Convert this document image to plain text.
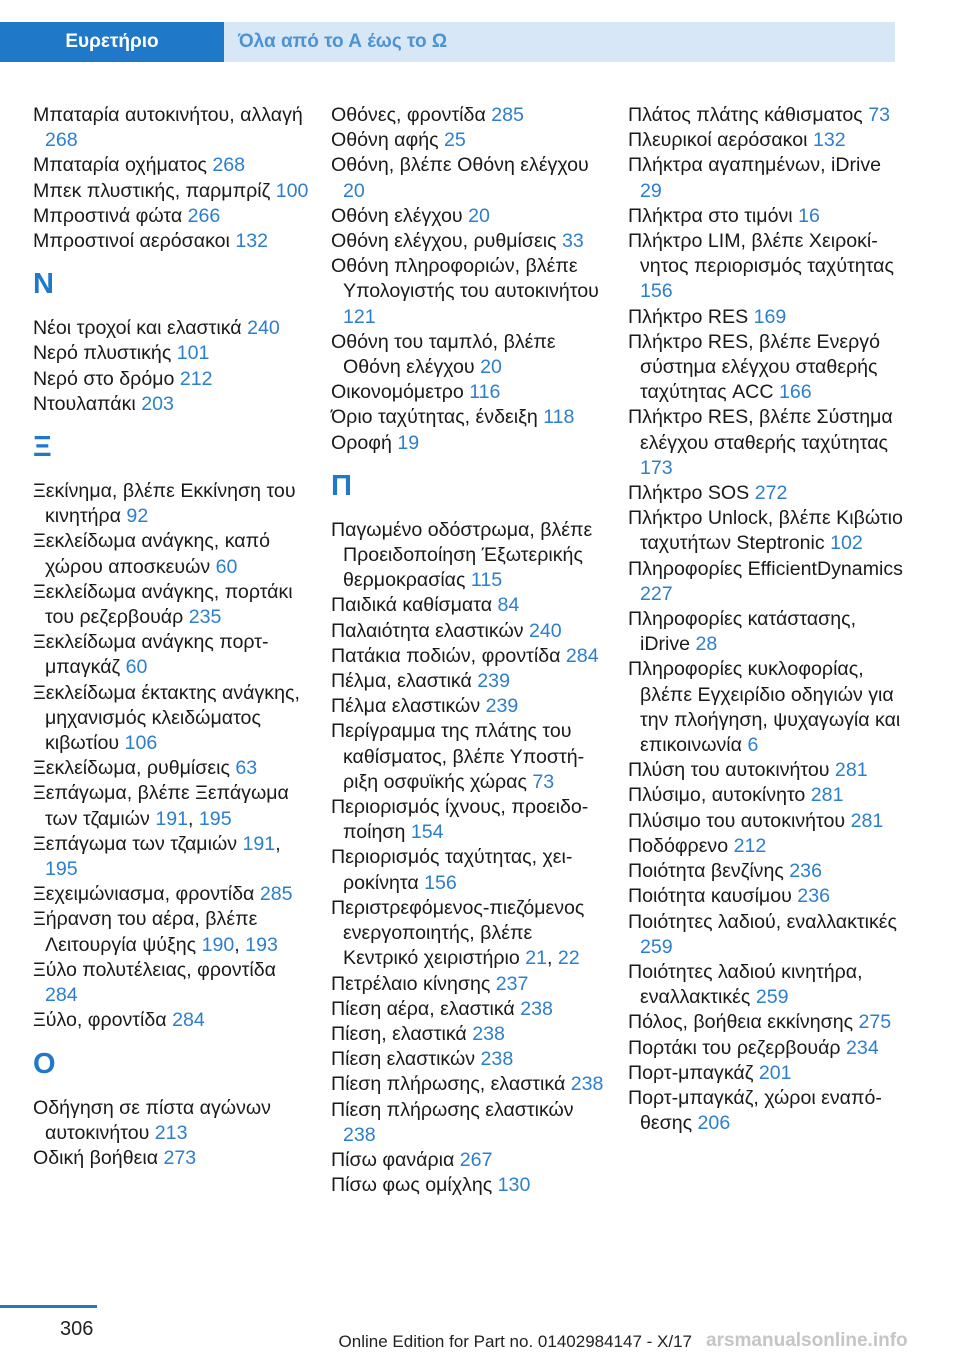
Ευρετήριο	Όλα από το Α έως το Ω
Μπαταρία αυτοκινήτου, αλλαγή 268
Μπαταρία οχήματος 268
Μπεκ πλυστικής, παρμπρίζ 100
Μπροστινά φώτα 266
Μπροστινοί αερόσακοι 132
Ν
Νέοι τροχοί και ελαστικά 240
Νερό πλυστικής 101
Νερό στο δρόμο 212
Ντουλαπάκι 203
Ξ
Ξεκίνημα, βλέπε Εκκίνηση του κινητήρα 92
Ξεκλείδωμα ανάγκης, καπό χώρου αποσκευών 60
Ξεκλείδωμα ανάγκης, πορτάκι του ρεζερβουάρ 235
Ξεκλείδωμα ανάγκης πορτμπαγκάζ 60
Ξεκλείδωμα έκτακτης ανάγκης, μηχανισμός κλειδώματος κιβωτίου 106
Ξεκλείδωμα, ρυθμίσεις 63
Ξεπάγωμα, βλέπε Ξεπάγωμα των τζαμιών 191, 195
Ξεπάγωμα των τζαμιών 191, 195
Ξεχειμώνιασμα, φροντίδα 285
Ξήρανση του αέρα, βλέπε Λειτουργία ψύξης 190, 193
Ξύλο πολυτέλειας, φροντίδα 284
Ξύλο, φροντίδα 284
Ο
Οδήγηση σε πίστα αγώνων αυτοκινήτου 213
Οδική βοήθεια 273
Οθόνες, φροντίδα 285
Οθόνη αφής 25
Οθόνη, βλέπε Οθόνη ελέγχου 20
Οθόνη ελέγχου 20
Οθόνη ελέγχου, ρυθμίσεις 33
Οθόνη πληροφοριών, βλέπε Υπολογιστής του αυτοκινήτου 121
Οθόνη του ταμπλό, βλέπε Οθόνη ελέγχου 20
Οικονομόμετρο 116
Όριο ταχύτητας, ένδειξη 118
Οροφή 19
Π
Παγωμένο οδόστρωμα, βλέπε Προειδοποίηση Έξωτερικής θερμοκρασίας 115
Παιδικά καθίσματα 84
Παλαιότητα ελαστικών 240
Πατάκια ποδιών, φροντίδα 284
Πέλμα, ελαστικά 239
Πέλμα ελαστικών 239
Περίγραμμα της πλάτης του καθίσματος, βλέπε Υποστήριξη οσφυϊκής χώρας 73
Περιορισμός ίχνους, προειδοποίηση 154
Περιορισμός ταχύτητας, χειροκίνητα 156
Περιστρεφόμενος-πιεζόμενος ενεργοποιητής, βλέπε Κεντρικό χειριστήριο 21, 22
Πετρέλαιο κίνησης 237
Πίεση αέρα, ελαστικά 238
Πίεση, ελαστικά 238
Πίεση ελαστικών 238
Πίεση πλήρωσης, ελαστικά 238
Πίεση πλήρωσης ελαστικών 238
Πίσω φανάρια 267
Πίσω φως ομίχλης 130
Πλάτος πλάτης κάθισματος 73
Πλευρικοί αερόσακοι 132
Πλήκτρα αγαπημένων, iDrive 29
Πλήκτρα στο τιμόνι 16
Πλήκτρο LIM, βλέπε Χειροκίνητος περιορισμός ταχύτητας 156
Πλήκτρο RES 169
Πλήκτρο RES, βλέπε Ενεργό σύστημα ελέγχου σταθερής ταχύτητας ACC 166
Πλήκτρο RES, βλέπε Σύστημα ελέγχου σταθερής ταχύτητας 173
Πλήκτρο SOS 272
Πλήκτρο Unlock, βλέπε Κιβώτιο ταχυτήτων Steptronic 102
Πληροφορίες EfficientDynamics 227
Πληροφορίες κατάστασης, iDrive 28
Πληροφορίες κυκλοφορίας, βλέπε Εγχειρίδιο οδηγιών για την πλοήγηση, ψυχαγωγία και επικοινωνία 6
Πλύση του αυτοκινήτου 281
Πλύσιμο, αυτοκίνητο 281
Πλύσιμο του αυτοκινήτου 281
Ποδόφρενο 212
Ποιότητα βενζίνης 236
Ποιότητα καυσίμου 236
Ποιότητες λαδιού, εναλλακτικές 259
Ποιότητες λαδιού κινητήρα, εναλλακτικές 259
Πόλος, βοήθεια εκκίνησης 275
Πορτάκι του ρεζερβουάρ 234
Πορτ-μπαγκάζ 201
Πορτ-μπαγκάζ, χώροι εναπόθεσης 206
306
Online Edition for Part no. 01402984147 - X/17 arsmanualsonline.info
